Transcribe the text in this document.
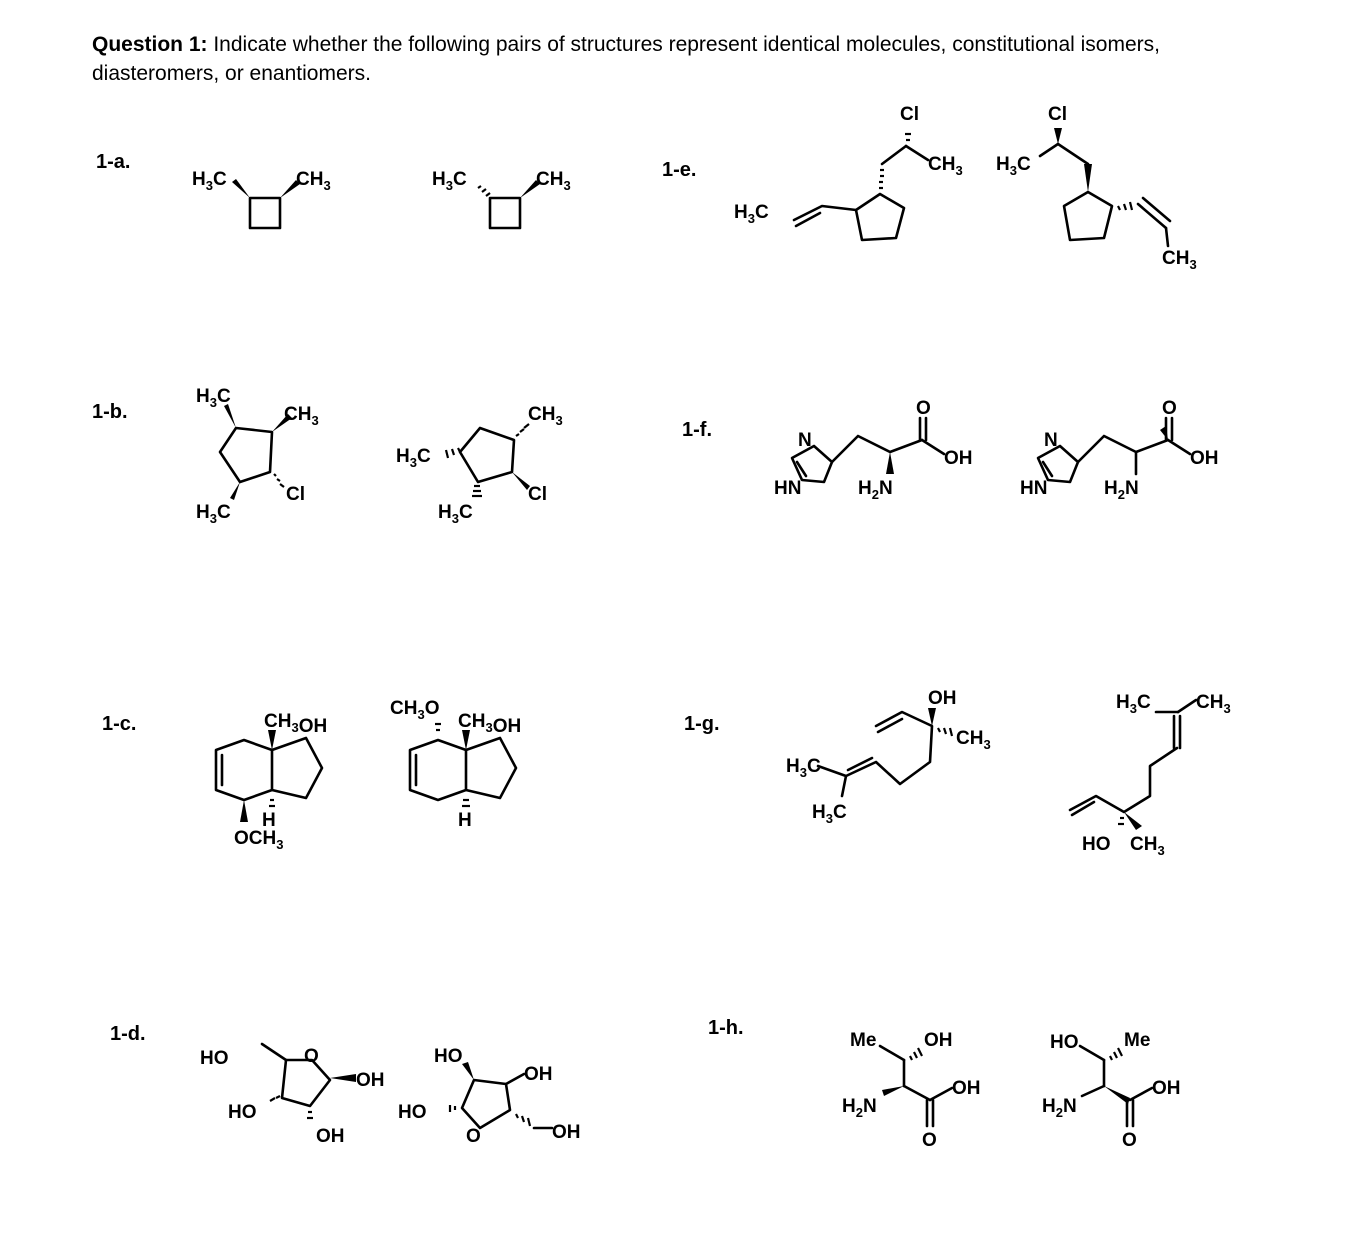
Question 1: Indicate whether the following pairs of structures represent identical molecules, constitutional isomers, diasteromers, or enantiomers.
1-a.
$H_3C$	$CH_3$	$H_3C$	$CH_3$
1-b.
$H_3C$
$CH_3$
$H_3C$
Cl
$H_3C$
$CH_3$
$H_3C$
Cl
1-c.	$CH_3OH$
H
$OCH_3$
$CH_3O$
$CH_3OH$
H
1-d.
HO	O
OH
HO
OH
HO
OH
HO
O	OH
1-e.
$H_3C$
Cl
$CH_3$ $H_3C$
Cl
$CH_3$
1-f.	N
HN	$H_2N$
O
OH
N
HN	$H_2N$
O
OH
1-g.
OH
$CH_3$
$H_3C$
$H_3C$
$H_3C$ $CH_3$
HO $CH_3$
1-h.
Me	OH
$H_2N$
OH
O
HO Me
$H_2N$
OH
O
